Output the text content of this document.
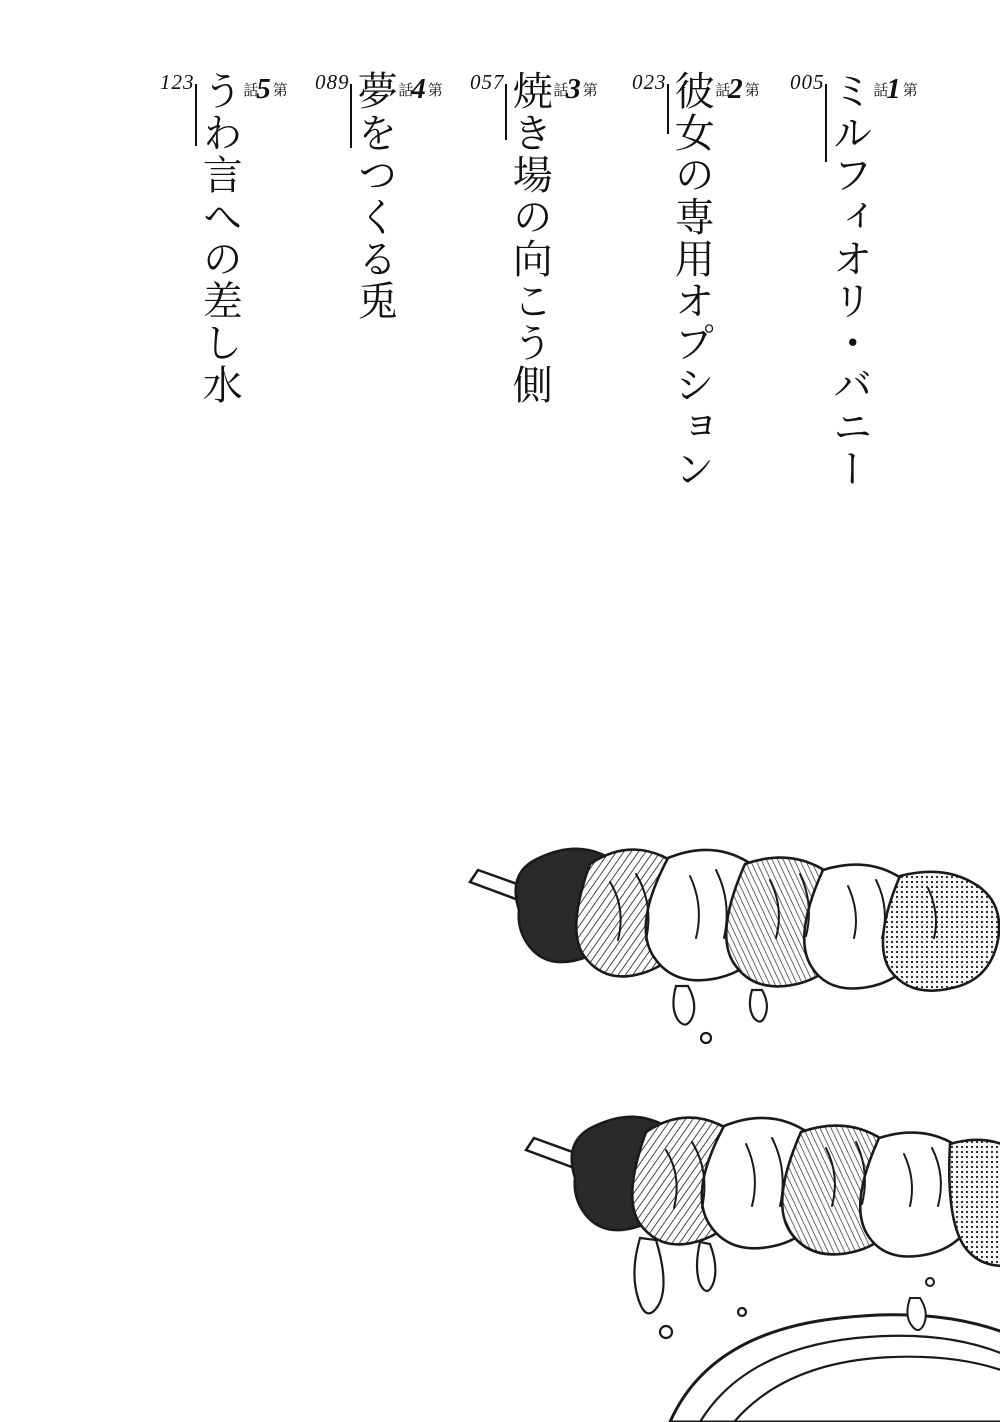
第
1
話
ミルフィオリ・バニー
005
第
2
話
彼女の専用オプション
023
第
3
話
焼き場の向こう側
057
第
4
話
夢をつくる兎
089
第
5
話
うわ言への差し水
123
